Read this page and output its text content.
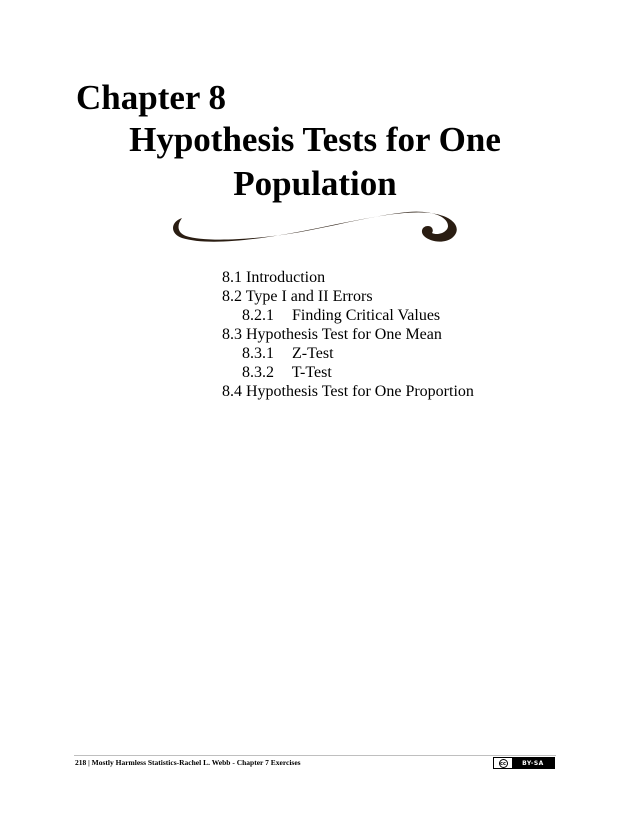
Chapter 8
Hypothesis Tests for One
Population
8.1 Introduction
8.2 Type I and II Errors
8.2.1 Finding Critical Values
8.3 Hypothesis Test for One Mean
8.3.1 Z-Test
8.3.2 T-Test
8.4 Hypothesis Test for One Proportion
218 | Mostly Harmless Statistics-Rachel L. Webb - Chapter 7 Exercises	cc	BY-SA
